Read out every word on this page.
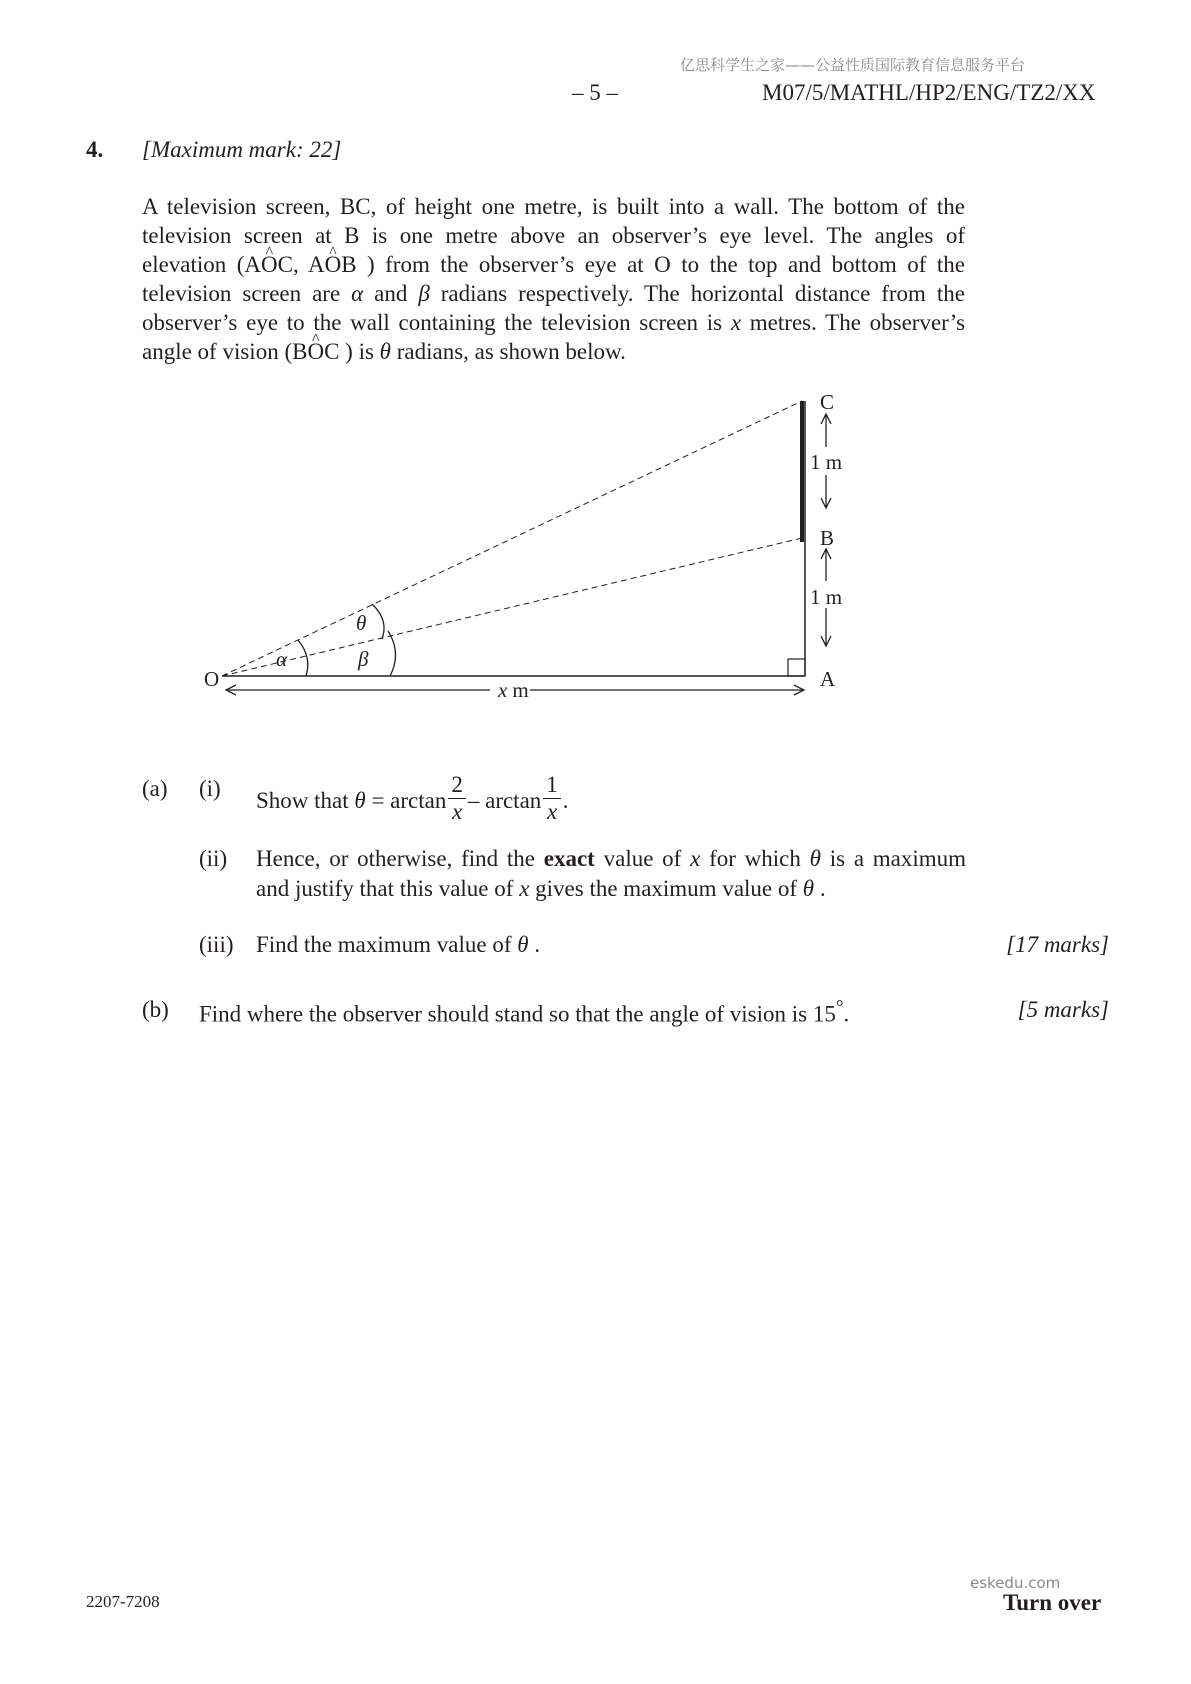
亿思科学生之家——公益性质国际教育信息服务平台
– 5 –	M07/5/MATHL/HP2/ENG/TZ2/XX
4. [Maximum mark: 22]
A television screen, BC, of height one metre, is built into a wall. The bottom of the
television screen at B is one metre above an observer’s eye level. The angles of
elevation (A^ OC, A^ OB ) from the observer’s eye at O to the top and bottom of the
television screen are α and β radians respectively. The horizontal distance from the
observer’s eye to the wall containing the television screen is x metres. The observer’s
angle of vision (B^ OC ) is θ radians, as shown below.
O	A
B
C
1 m
1 m
θ
α	β
x m
(a) (i) Show that $\theta = \arctan \frac{2}{x} - \arctan \frac{1}{x}$ .
(ii) Hence, or otherwise, find the exact value of x for which θ is a maximum
and justify that this value of x gives the maximum value of θ .
(iii) Find the maximum value of θ .	[17 marks]
(b) Find where the observer should stand so that the angle of vision is 15°.	[5 marks]
2207-7208	Turn over
eskedu.com
